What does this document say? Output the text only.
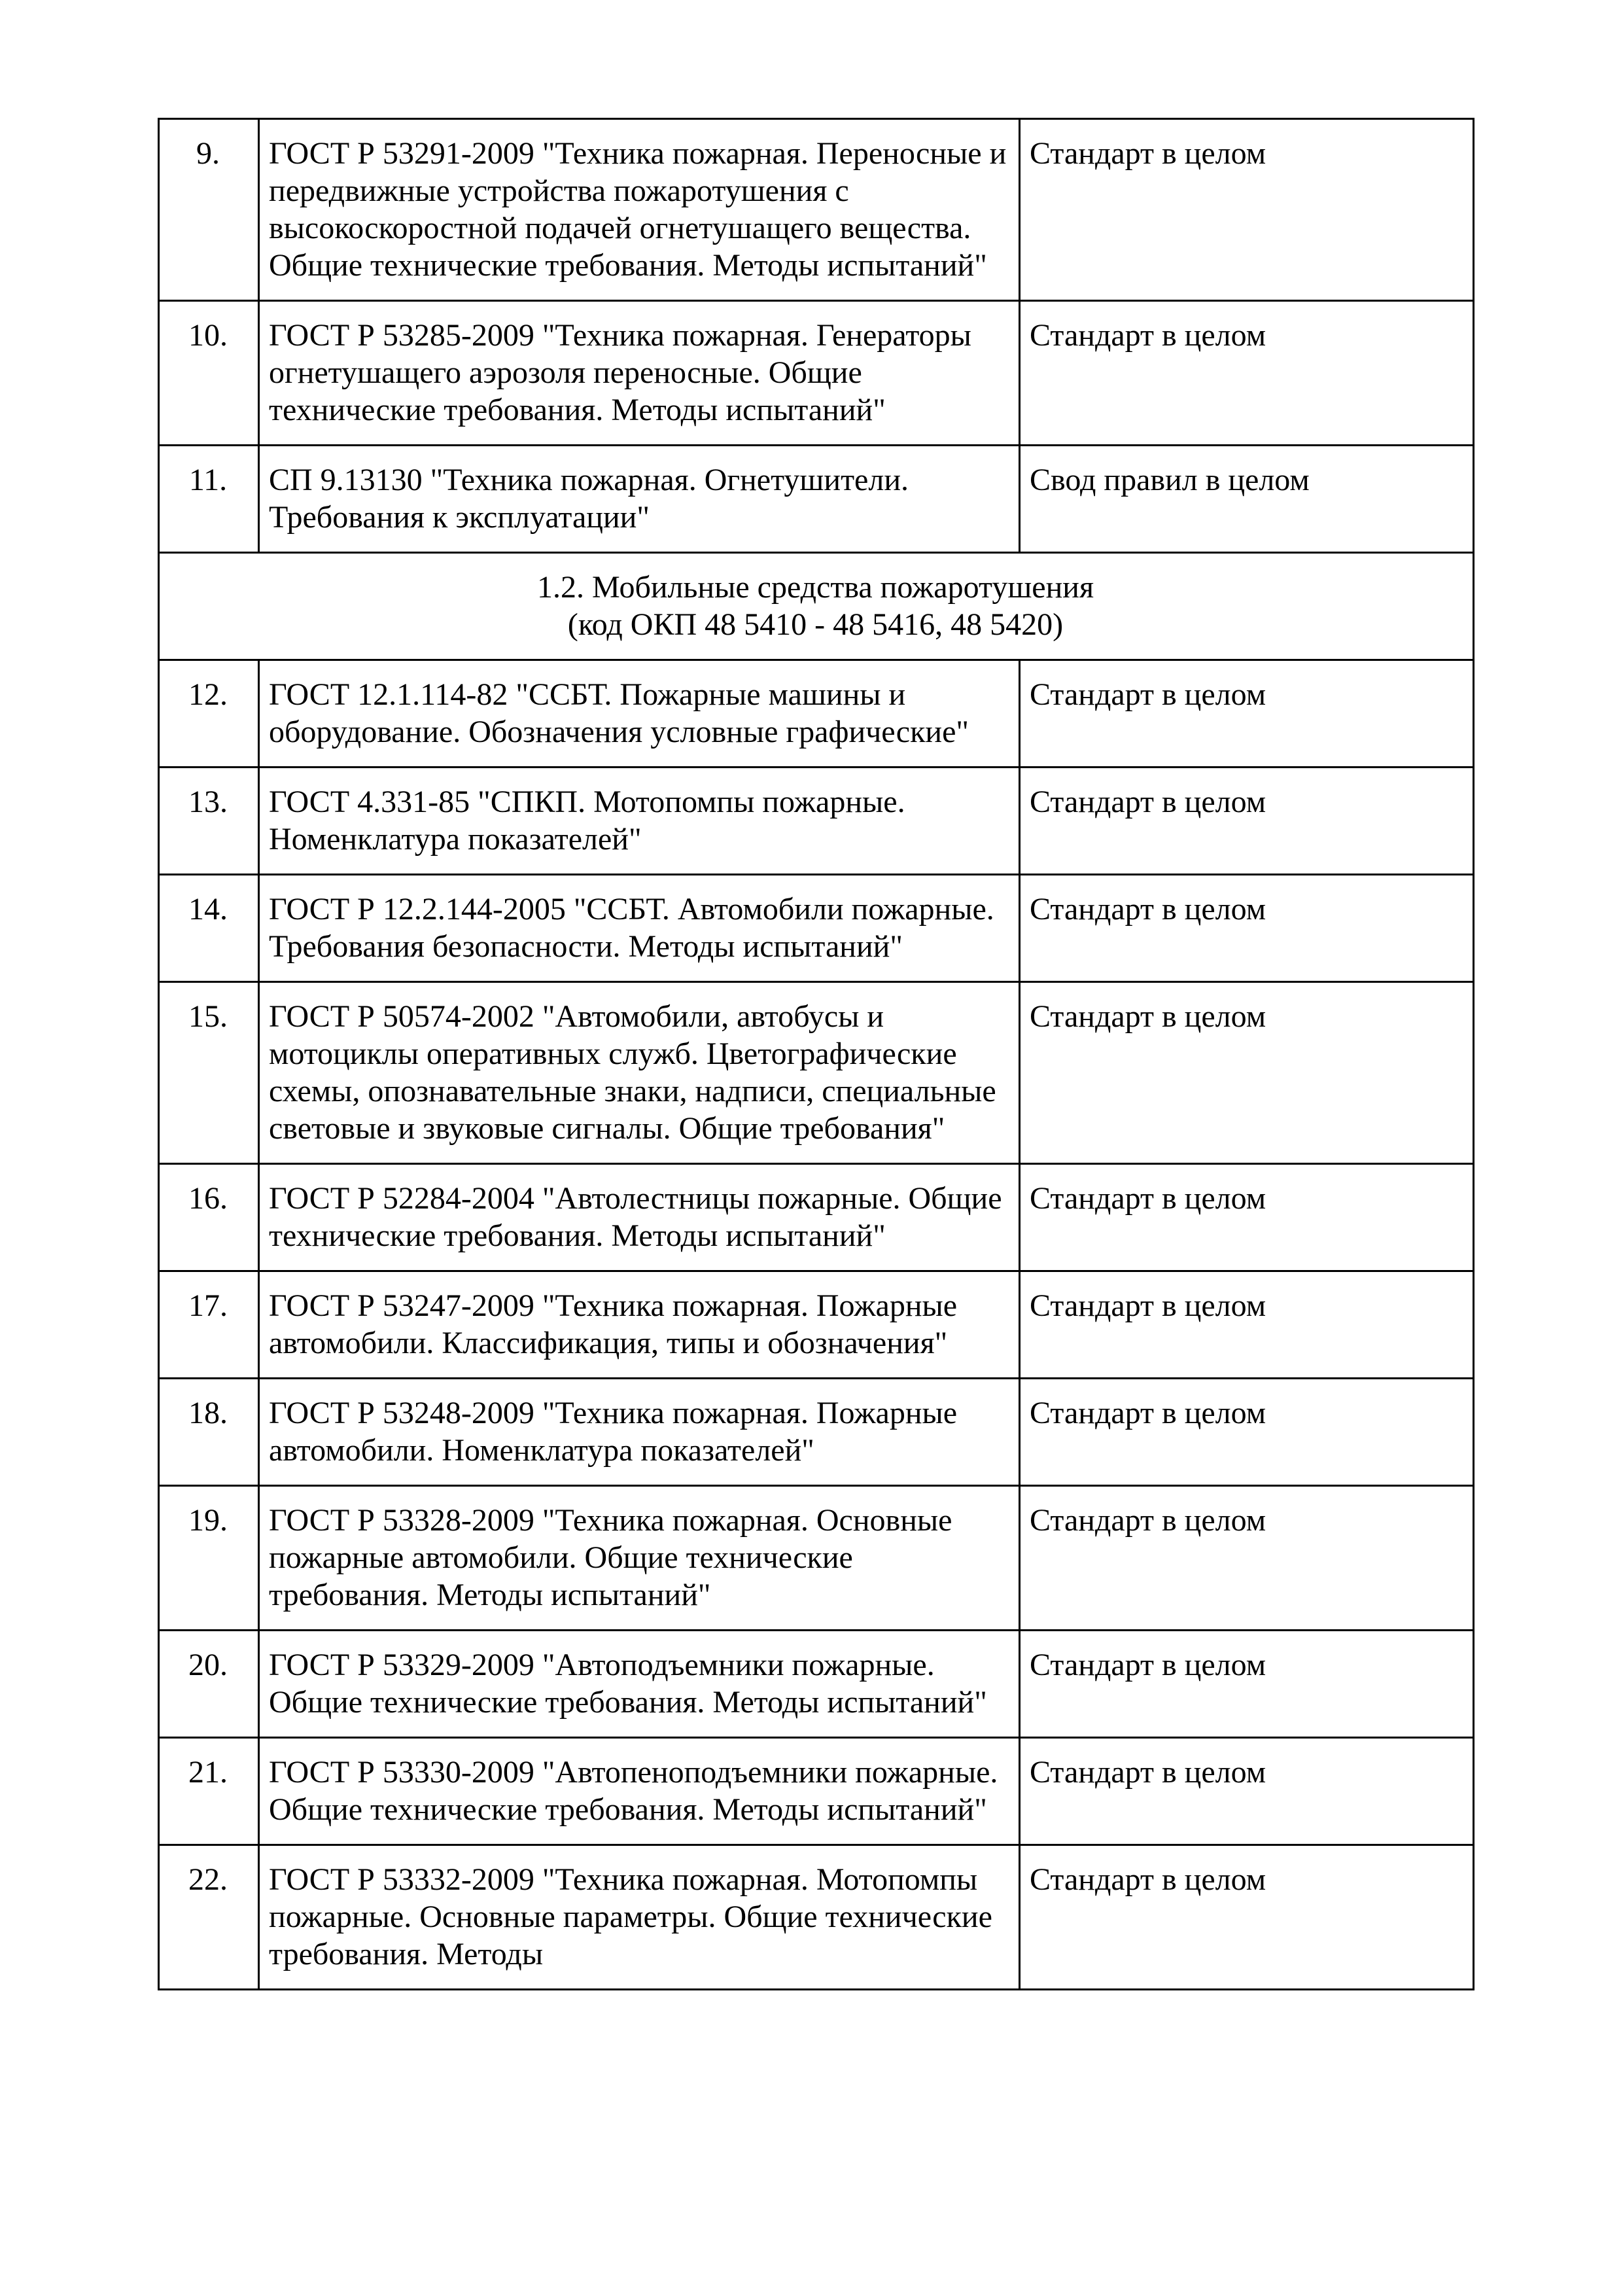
9.	ГОСТ Р 53291-2009 "Техника пожарная. Переносные и передвижные устройства пожаротушения с высокоскоростной подачей огнетушащего вещества. Общие технические требования. Методы испытаний"	Стандарт в целом

10.	ГОСТ Р 53285-2009 "Техника пожарная. Генераторы огнетушащего аэрозоля переносные. Общие технические требования. Методы испытаний"	Стандарт в целом

11.	СП 9.13130 "Техника пожарная. Огнетушители. Требования к эксплуатации"	Свод правил в целом

1.2. Мобильные средства пожаротушения
(код ОКП 48 5410 - 48 5416, 48 5420)		

12.	ГОСТ 12.1.114-82 "ССБТ. Пожарные машины и оборудование. Обозначения условные графические"	Стандарт в целом

13.	ГОСТ 4.331-85 "СПКП. Мотопомпы пожарные. Номенклатура показателей"	Стандарт в целом

14.	ГОСТ Р 12.2.144-2005 "ССБТ. Автомобили пожарные. Требования безопасности. Методы испытаний"	Стандарт в целом

15.	ГОСТ Р 50574-2002 "Автомобили, автобусы и мотоциклы оперативных служб. Цветографические схемы, опознавательные знаки, надписи, специальные световые и звуковые сигналы. Общие требования"	Стандарт в целом

16.	ГОСТ Р 52284-2004 "Автолестницы пожарные. Общие технические требования. Методы испытаний"	Стандарт в целом

17.	ГОСТ Р 53247-2009 "Техника пожарная. Пожарные автомобили. Классификация, типы и обозначения"	Стандарт в целом

18.	ГОСТ Р 53248-2009 "Техника пожарная. Пожарные автомобили. Номенклатура показателей"	Стандарт в целом

19.	ГОСТ Р 53328-2009 "Техника пожарная. Основные пожарные автомобили. Общие технические требования. Методы испытаний"	Стандарт в целом

20.	ГОСТ Р 53329-2009 "Автоподъемники пожарные. Общие технические требования. Методы испытаний"	Стандарт в целом

21.	ГОСТ Р 53330-2009 "Автопеноподъемники пожарные. Общие технические требования. Методы испытаний"	Стандарт в целом

22.	ГОСТ Р 53332-2009 "Техника пожарная. Мотопомпы пожарные. Основные параметры. Общие технические требования. Методы	Стандарт в целом
